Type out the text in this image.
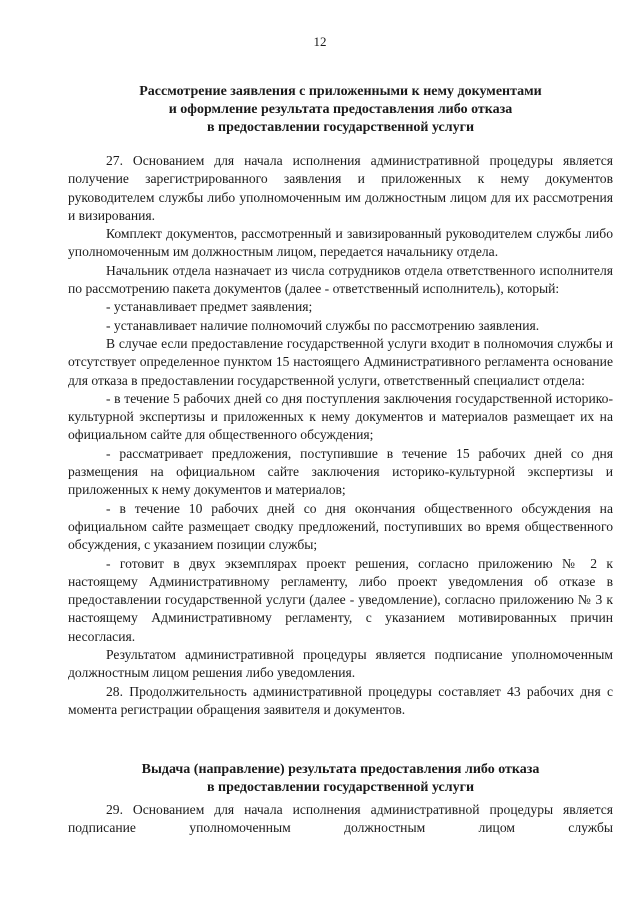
12
Рассмотрение заявления с приложенными к нему документами
и оформление результата предоставления либо отказа
в предоставлении государственной услуги

27. Основанием для начала исполнения административной процедуры является получение зарегистрированного заявления и приложенных к нему документов руководителем службы либо уполномоченным им должностным лицом для их рассмотрения и визирования.

Комплект документов, рассмотренный и завизированный руководителем службы либо уполномоченным им должностным лицом, передается начальнику отдела.

Начальник отдела назначает из числа сотрудников отдела ответственного исполнителя по рассмотрению пакета документов (далее - ответственный исполнитель), который:

- устанавливает предмет заявления;

- устанавливает наличие полномочий службы по рассмотрению заявления.

В случае если предоставление государственной услуги входит в полномочия службы и отсутствует определенное пунктом 15 настоящего Административного регламента основание для отказа в предоставлении государственной услуги, ответственный специалист отдела:

- в течение 5 рабочих дней со дня поступления заключения государственной историко-культурной экспертизы и приложенных к нему документов и материалов размещает их на официальном сайте для общественного обсуждения;

- рассматривает предложения, поступившие в течение 15 рабочих дней со дня размещения на официальном сайте заключения историко-культурной экспертизы и приложенных к нему документов и материалов;

- в течение 10 рабочих дней со дня окончания общественного обсуждения на официальном сайте размещает сводку предложений, поступивших во время общественного обсуждения, с указанием позиции службы;

- готовит в двух экземплярах проект решения, согласно приложению № 2 к настоящему Административному регламенту, либо проект уведомления об отказе в предоставлении государственной услуги (далее - уведомление), согласно приложению № 3 к настоящему Административному регламенту, с указанием мотивированных причин несогласия.

Результатом административной процедуры является подписание уполномоченным должностным лицом решения либо уведомления.

28. Продолжительность административной процедуры составляет 43 рабочих дня с момента регистрации обращения заявителя и документов.

Выдача (направление) результата предоставления либо отказа
в предоставлении государственной услуги

29. Основанием для начала исполнения административной процедуры является подписание уполномоченным должностным лицом службы
